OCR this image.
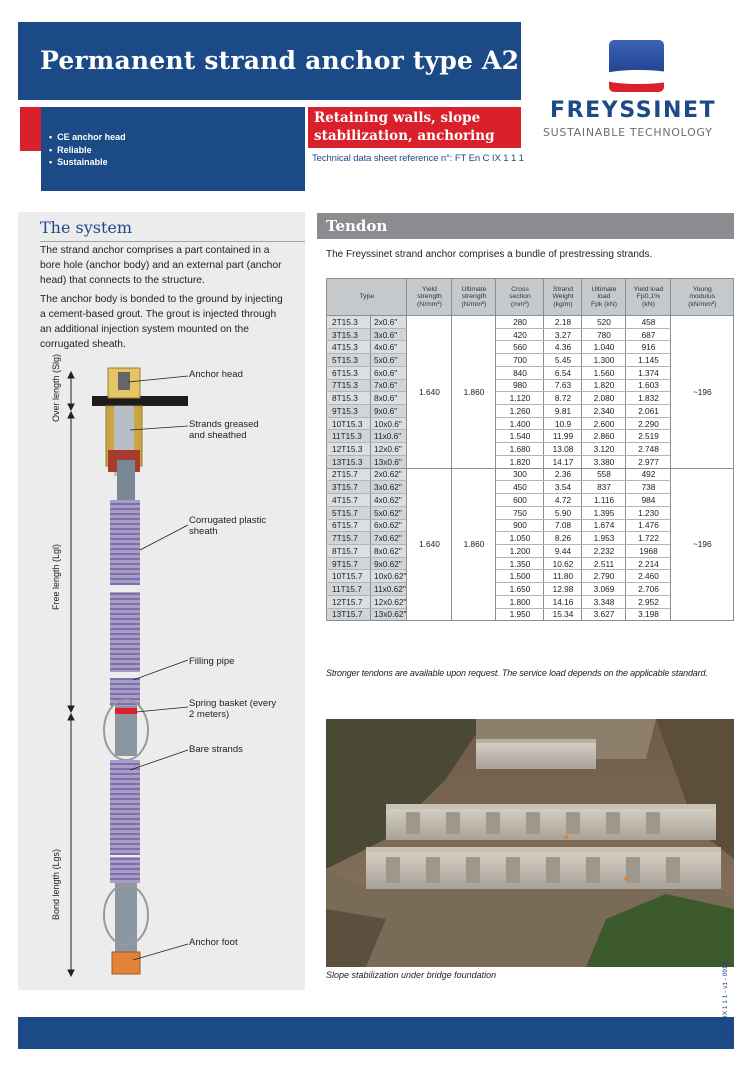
Permanent strand anchor type A2
• CE anchor head
• Reliable
• Sustainable
Retaining walls, slope stabilization, anchoring
Technical data sheet reference n°: FT En C IX 1 1 1
FREYSSINET
SUSTAINABLE TECHNOLOGY
The system

The strand anchor comprises a part contained in a bore hole (anchor body) and an external part (anchor head) that connects to the structure.

The anchor body is bonded to the ground by injecting a cement-based grout. The grout is injected through an additional injection system mounted on the corrugated sheath.

Over length (Slg)
Free length (Lgl)
Bond length (Lgs)
Anchor head
Strands greased and sheathed
Corrugated plastic sheath
Filling pipe
Spring basket (every 2 meters)
Bare strands
Anchor foot
Tendon

The Freyssinet strand anchor comprises a bundle of prestressing strands.

Type		Yield
strength
(N/mm²)	Ultimate
strength
(N/mm²)	Cross
section
(mm²)	Strand
Weight
(kg/m)	Ultimate
load
Fpk (kN)	Yield load
Fp0,1%
(kN)	Young
modulus
(kN/mm²)
2T15.3	2x0.6"	1.640	1.860	280	2.18	520	458	~196
3T15.3	3x0.6"			420	3.27	780	687	
4T15.3	4x0.6"			560	4.36	1.040	916	
5T15.3	5x0.6"			700	5.45	1.300	1.145	
6T15.3	6x0.6"			840	6.54	1.560	1.374	
7T15.3	7x0.6"			980	7.63	1.820	1.603	
8T15.3	8x0.6"			1.120	8.72	2.080	1.832	
9T15.3	9x0.6"			1.260	9.81	2.340	2.061	
10T15.3	10x0.6"			1.400	10.9	2.600	2.290	
11T15.3	11x0.6"			1.540	11.99	2.860	2.519	
12T15.3	12x0.6"			1.680	13.08	3.120	2.748	
13T15.3	13x0.6"			1.820	14.17	3.380	2.977	
2T15.7	2x0.62"	1.640	1.860	300	2.36	558	492	~196
3T15.7	3x0.62"			450	3.54	837	738	
4T15.7	4x0.62"			600	4.72	1.116	984	
5T15.7	5x0.62"			750	5.90	1.395	1.230	
6T15.7	6x0.62"			900	7.08	1.674	1.476	
7T15.7	7x0.62"			1.050	8.26	1.953	1.722	
8T15.7	8x0.62"			1.200	9.44	2.232	1968	
9T15.7	9x0.62"			1.350	10.62	2.511	2.214	
10T15.7	10x0.62"			1.500	11.80	2.790	2.460	
11T15.7	11x0.62"			1.650	12.98	3.069	2.706	
12T15.7	12x0.62"			1.800	14.16	3.348	2.952	
13T15.7	13x0.62"			1.950	15.34	3.627	3.198	

Stronger tendons are available upon request. The service load depends on the applicable standard.

Slope stabilization under bridge foundation	FT En C IX 1 1 1 - v1 - 0913
